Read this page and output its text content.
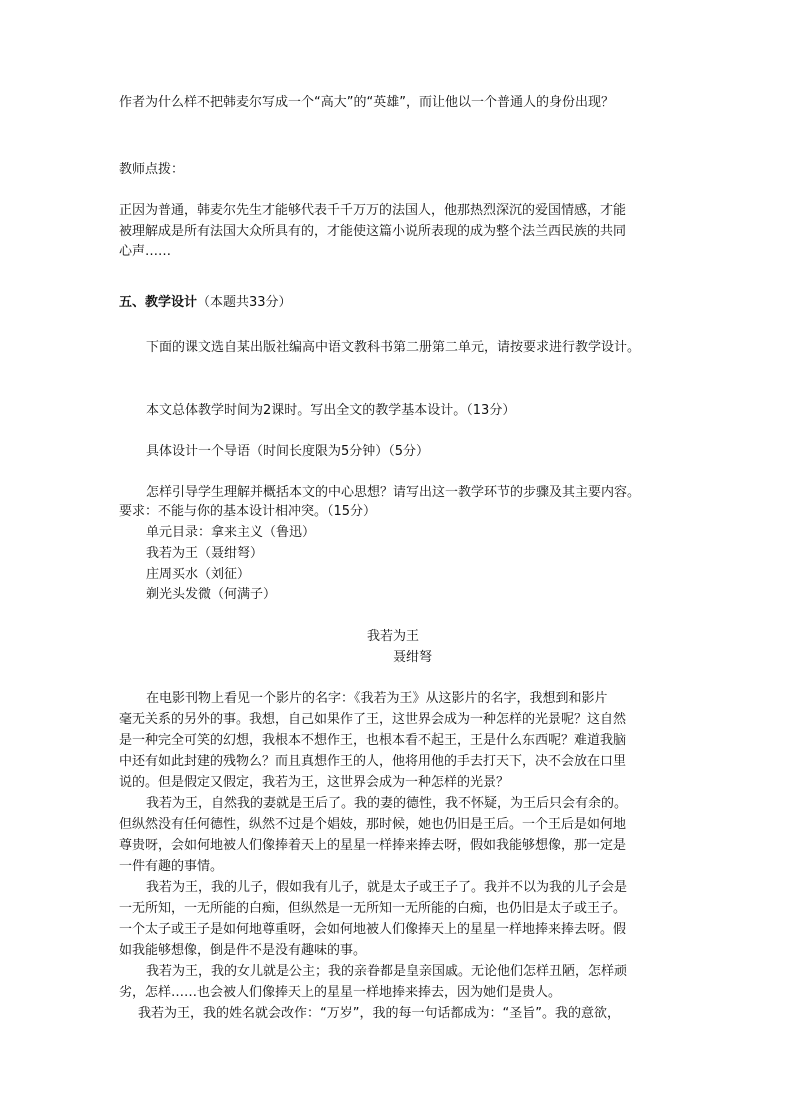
作者为什么样不把韩麦尔写成一个“高大”的“英雄”，而让他以一个普通人的身份出现？

教师点拨：

正因为普通，韩麦尔先生才能够代表千千万万的法国人，他那热烈深沉的爱国情感，才能

被理解成是所有法国大众所具有的，才能使这篇小说所表现的成为整个法兰西民族的共同

心声……

五、教学设计（本题共33分）

下面的课文选自某出版社编高中语文教科书第二册第二单元，请按要求进行教学设计。

本文总体教学时间为2课时。写出全文的教学基本设计。（13分）

具体设计一个导语（时间长度限为5分钟）（5分）

怎样引导学生理解并概括本文的中心思想？请写出这一教学环节的步骤及其主要内容。

要求：不能与你的基本设计相冲突。（15分）

单元目录：拿来主义（鲁迅）

我若为王（聂绀弩）

庄周买水（刘征）

剃光头发微（何满子）

我若为王

聂绀弩

在电影刊物上看见一个影片的名字：《我若为王》从这影片的名字，我想到和影片

毫无关系的另外的事。我想，自己如果作了王，这世界会成为一种怎样的光景呢？这自然

是一种完全可笑的幻想，我根本不想作王，也根本看不起王，王是什么东西呢？难道我脑

中还有如此封建的残物么？而且真想作王的人，他将用他的手去打天下，决不会放在口里

说的。但是假定又假定，我若为王，这世界会成为一种怎样的光景？

我若为王，自然我的妻就是王后了。我的妻的德性，我不怀疑，为王后只会有余的。

但纵然没有任何德性，纵然不过是个娼妓，那时候，她也仍旧是王后。一个王后是如何地

尊贵呀，会如何地被人们像捧着天上的星星一样捧来捧去呀，假如我能够想像，那一定是

一件有趣的事情。

我若为王，我的儿子，假如我有儿子，就是太子或王子了。我并不以为我的儿子会是

一无所知，一无所能的白痴，但纵然是一无所知一无所能的白痴，也仍旧是太子或王子。

一个太子或王子是如何地尊重呀，会如何地被人们像捧天上的星星一样地捧来捧去呀。假

如我能够想像，倒是件不是没有趣味的事。

我若为王，我的女儿就是公主；我的亲眷都是皇亲国戚。无论他们怎样丑陋，怎样顽

劣，怎样……也会被人们像捧天上的星星一样地捧来捧去，因为她们是贵人。

我若为王，我的姓名就会改作：“万岁”，我的每一句话都成为：“圣旨”。我的意欲，
